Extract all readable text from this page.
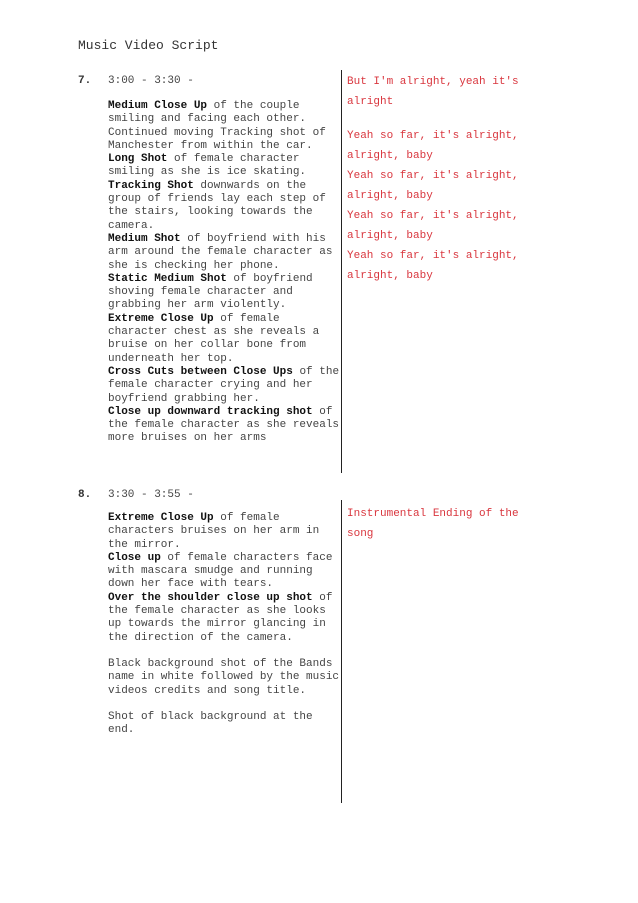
Music Video Script
7. 3:00 - 3:30 -

Medium Close Up of the couple smiling and facing each other. Continued moving Tracking shot of Manchester from within the car.

Long Shot of female character smiling as she is ice skating.

Tracking Shot downwards on the group of friends lay each step of the stairs, looking towards the camera.

Medium Shot of boyfriend with his arm around the female character as she is checking her phone.

Static Medium Shot of boyfriend shoving female character and grabbing her arm violently.

Extreme Close Up of female character chest as she reveals a bruise on her collar bone from underneath her top.

Cross Cuts between Close Ups of the female character crying and her boyfriend grabbing her.

Close up downward tracking shot of the female character as she reveals more bruises on her arms

But I'm alright, yeah it's

alright

Yeah so far, it's alright,

alright, baby

Yeah so far, it's alright,

alright, baby

Yeah so far, it's alright,

alright, baby

Yeah so far, it's alright,

alright, baby

8. 3:30 - 3:55 -

Extreme Close Up of female characters bruises on her arm in the mirror.

Close up of female characters face with mascara smudge and running down her face with tears.

Over the shoulder close up shot of the female character as she looks up towards the mirror glancing in the direction of the camera.

Black background shot of the Bands name in white followed by the music videos credits and song title.

Shot of black background at the end.

Instrumental Ending of the

song
